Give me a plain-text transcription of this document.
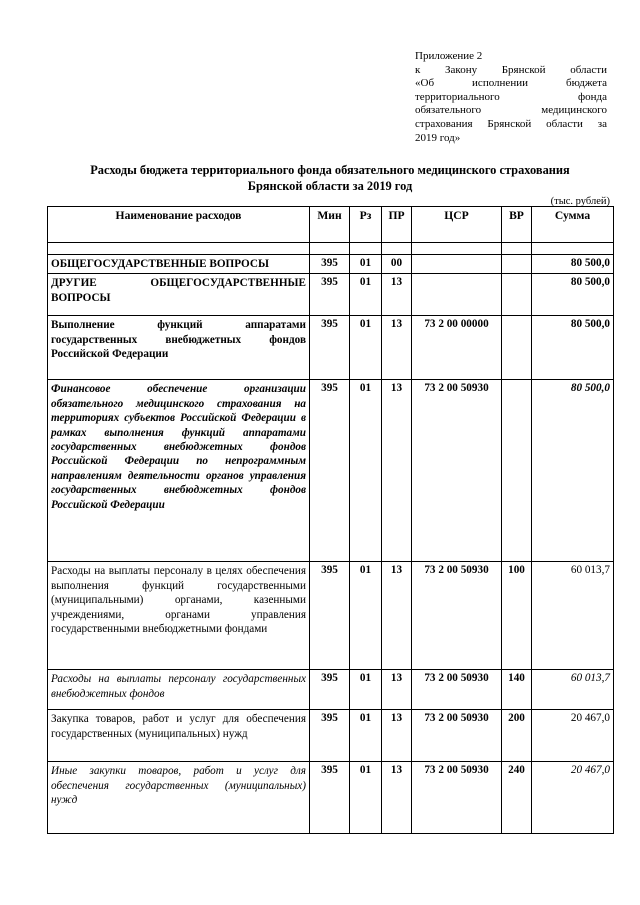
Приложение 2
к Закону Брянской области
«Об исполнении бюджета
территориального фонда
обязательного медицинского
страхования Брянской области за
2019 год»
Расходы бюджета территориального фонда обязательного медицинского страхования
Брянской области за 2019 год
(тыс. рублей)
Наименование расходов	Мин	Рз	ПР	ЦСР	ВР	Сумма

ОБЩЕГОСУДАРСТВЕННЫЕ ВОПРОСЫ	395	01	00			80 500,0
ДРУГИЕ ОБЩЕГОСУДАРСТВЕННЫЕ ВОПРОСЫ	395	01	13			80 500,0
Выполнение функций аппаратами государственных внебюджетных фондов Российской Федерации	395	01	13	73 2 00 00000		80 500,0
Финансовое обеспечение организации обязательного медицинского страхования на территориях субъектов Российской Федерации в рамках выполнения функций аппаратами государственных внебюджетных фондов Российской Федерации по непрограммным направлениям деятельности органов управления государственных внебюджетных фондов Российской Федерации	395	01	13	73 2 00 50930		80 500,0
Расходы на выплаты персоналу в целях обеспечения выполнения функций государственными (муниципальными) органами, казенными учреждениями, органами управления государственными внебюджетными фондами	395	01	13	73 2 00 50930	100	60 013,7
Расходы на выплаты персоналу государственных внебюджетных фондов	395	01	13	73 2 00 50930	140	60 013,7
Закупка товаров, работ и услуг для обеспечения государственных (муниципальных) нужд	395	01	13	73 2 00 50930	200	20 467,0
Иные закупки товаров, работ и услуг для обеспечения государственных (муниципальных) нужд	395	01	13	73 2 00 50930	240	20 467,0
